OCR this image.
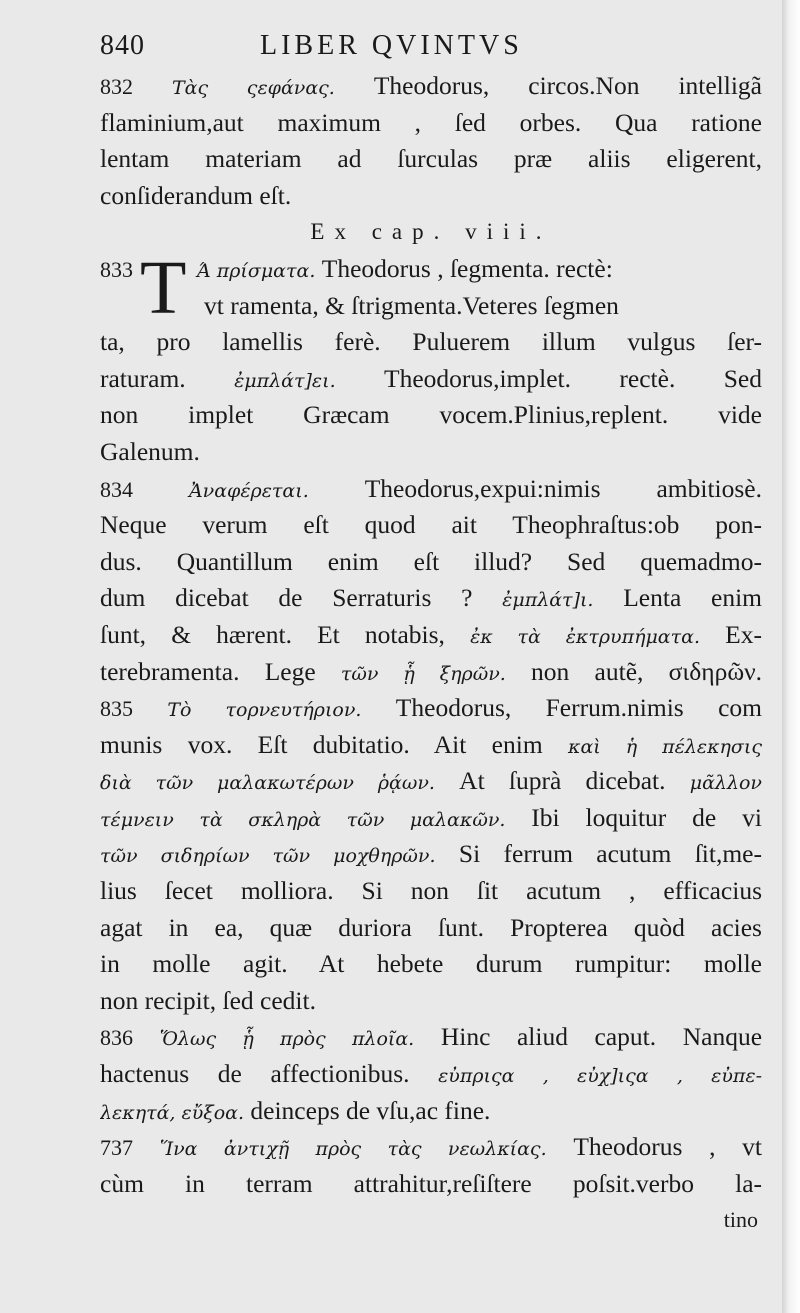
840	LIBER QVINTVS
832 Τὰς ςεφάνας. Theodorus, circos.Non intelligã
flaminium,aut maximum , ſed orbes. Qua ratione
lentam materiam ad ſurculas præ aliis eligerent,
conſiderandum eſt.
Ex cap. viii.
T
833	Ά πρίσματα. Theodorus , ſegmenta. rectè:
vt ramenta, & ſtrigmenta.Veteres ſegmen
ta, pro lamellis ferè. Puluerem illum vulgus ſer-
raturam. ἐμπλάτ]ει. Theodorus,implet. rectè. Sed
non implet Græcam vocem.Plinius,replent. vide
Galenum.
834	Ἀναφέρεται. Theodorus,expui:nimis ambitiosè.
Neque verum eſt quod ait Theophraſtus:ob pon-
dus. Quantillum enim eſt illud? Sed quemadmo-
dum dicebat de Serraturis ? ἐμπλάτ]ι. Lenta enim
ſunt, & hærent. Et notabis, ἐκ τὰ ἐκτρυπήματα. Ex-
terebramenta. Lege τῶν ᾗ ξηρῶν. non autẽ, σιδηρῶν.
835 Τὸ τορνευτήριον. Theodorus, Ferrum.nimis com
munis vox. Eſt dubitatio. Ait enim καὶ ἡ πέλεκησις
διὰ τῶν μαλακωτέρων ῥᾴων. At ſuprà dicebat. μᾶλλον
τέμνειν τὰ σκληρὰ τῶν μαλακῶν. Ibi loquitur de vi
τῶν σιδηρίων τῶν μοχθηρῶν. Si ferrum acutum ſit,me-
lius ſecet molliora. Si non ſit acutum , efficacius
agat in ea, quæ duriora ſunt. Propterea quòd acies
in molle agit. At hebete durum rumpitur: molle
non recipit, ſed cedit.
836 Ὅλως ᾗ πρὸς πλοῖα. Hinc aliud caput. Nanque
hactenus de affectionibus. εὐπριςα , εὐχ]ιςα , εὐπε-
λεκητά, εὔξοα. deinceps de vſu,ac fine.
737 Ἵνα ἀντιχῇ πρὸς τὰς νεωλκίας. Theodorus , vt
cùm in terram attrahitur,reſiſtere poſsit.verbo la-
tino
